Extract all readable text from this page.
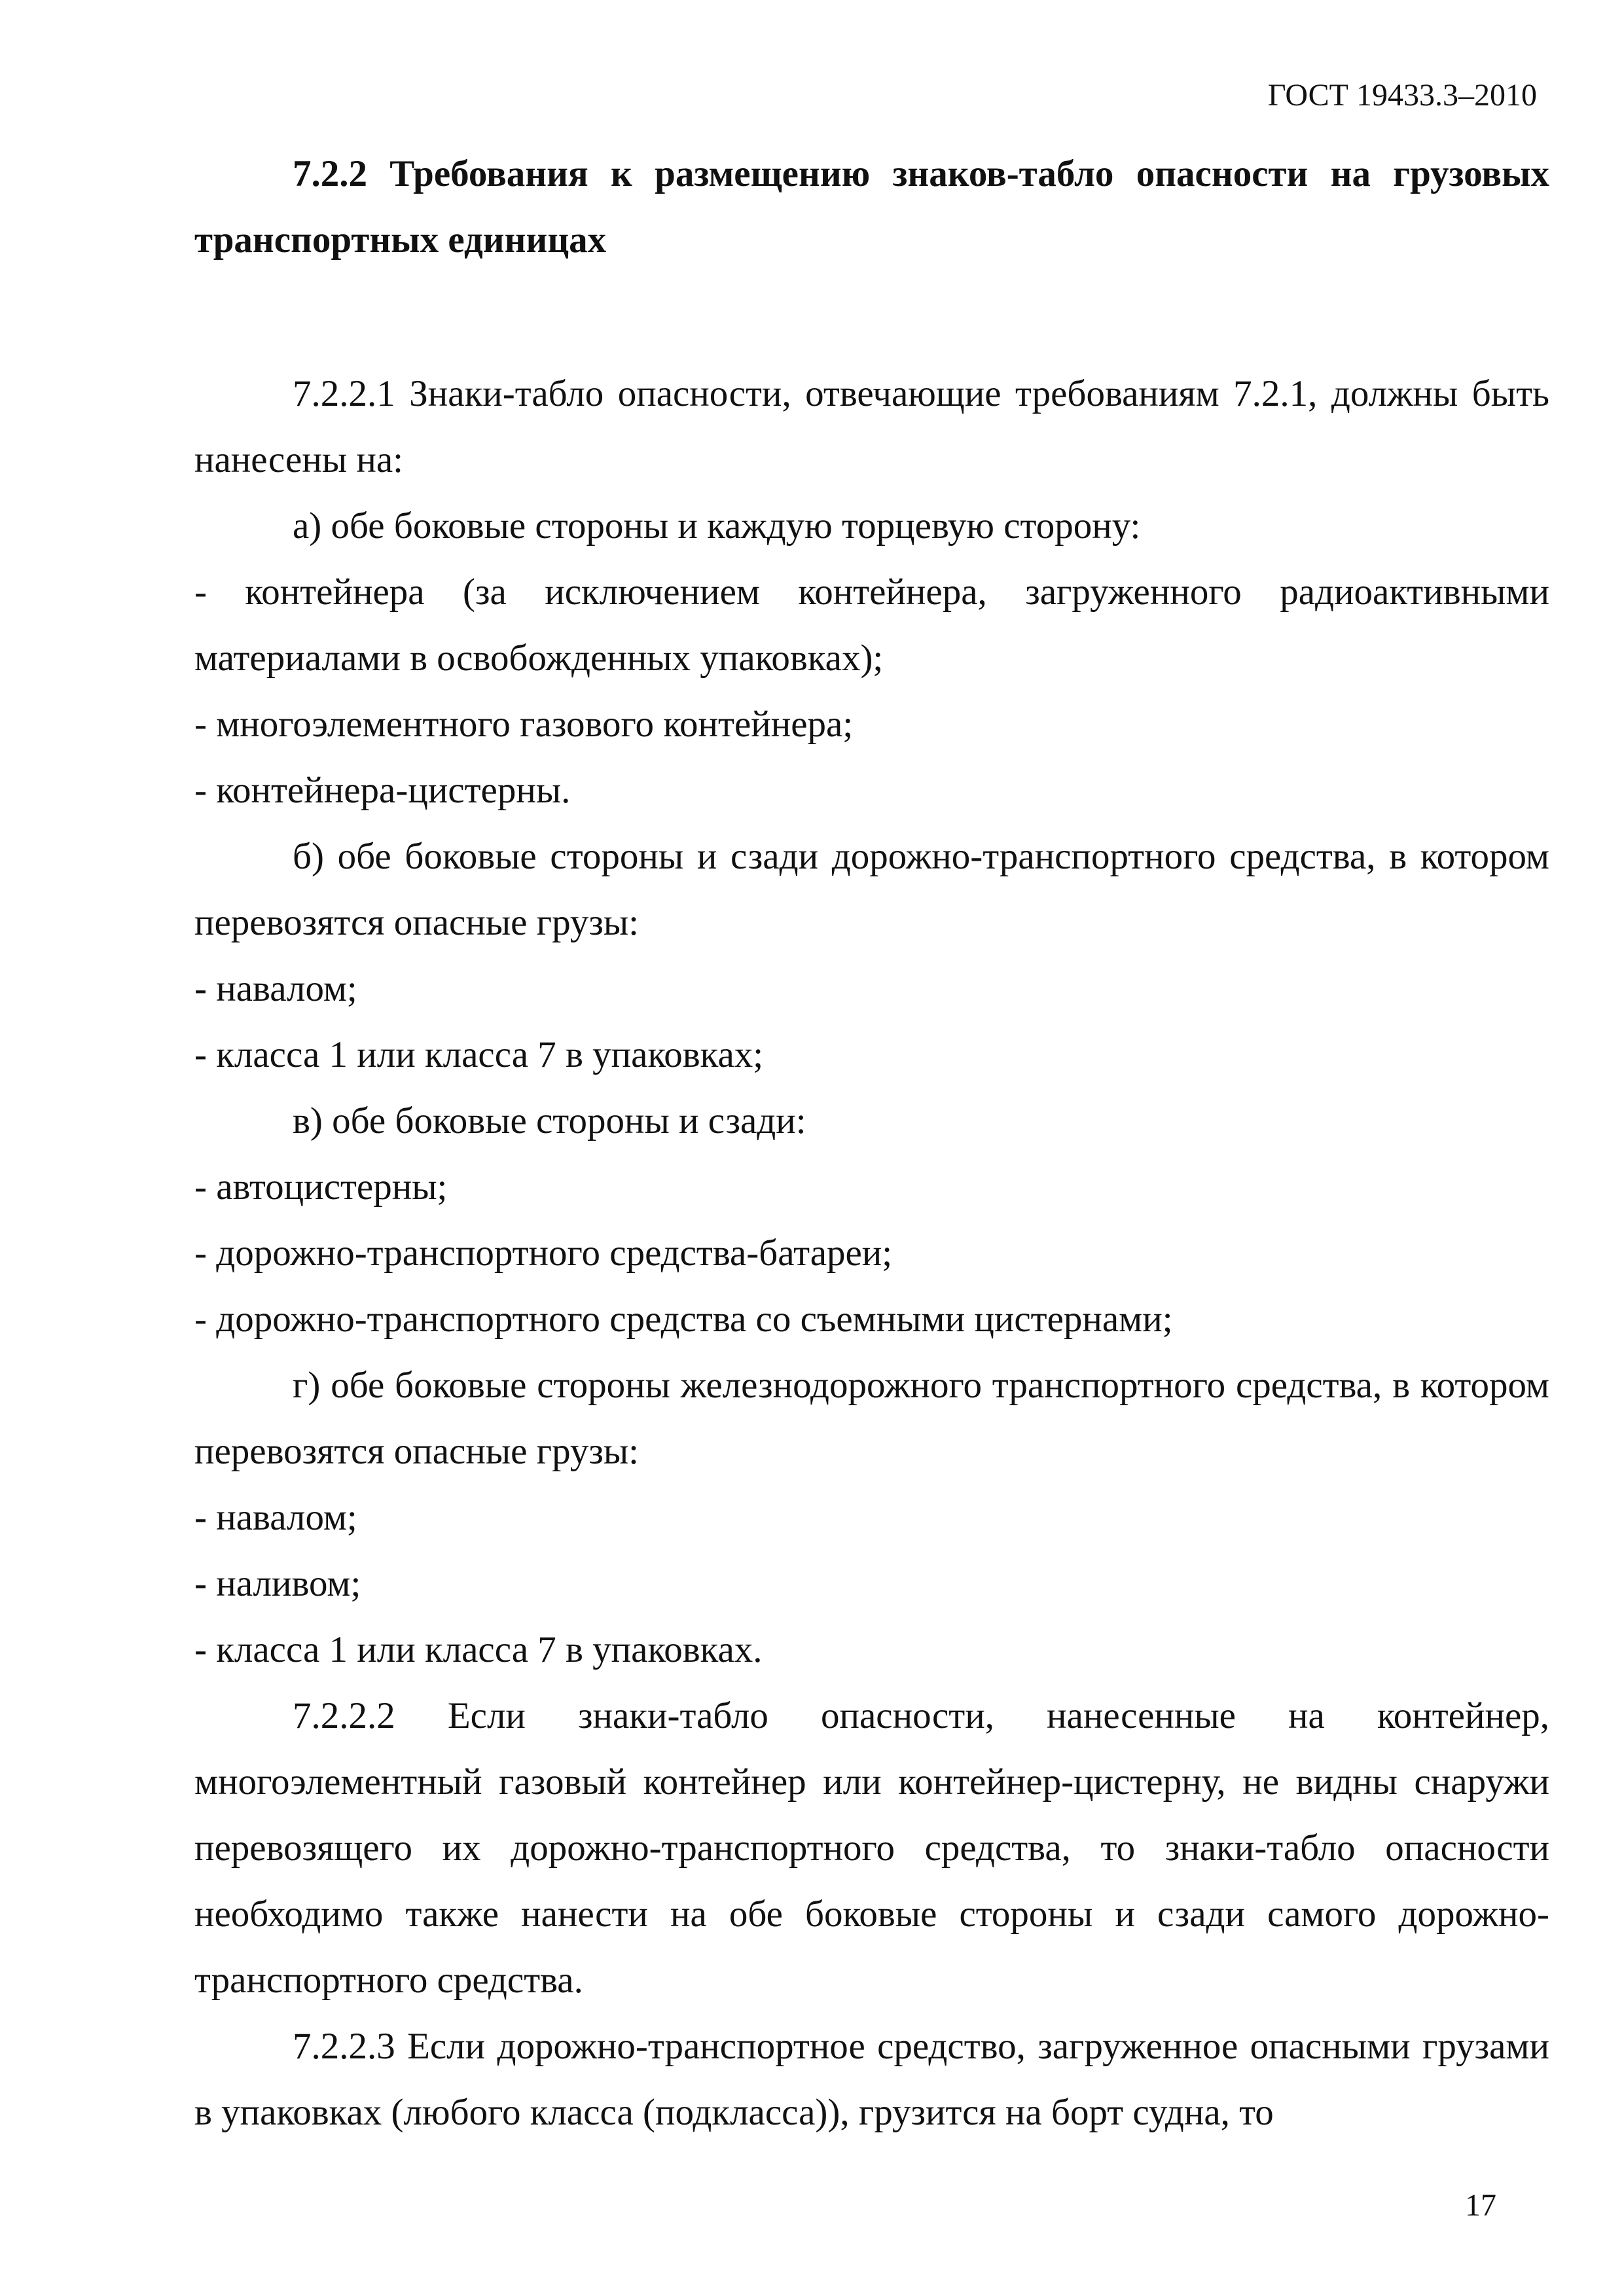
ГОСТ 19433.3–2010

7.2.2 Требования к размещению знаков-табло опасности на грузовых транспортных единицах

7.2.2.1 Знаки-табло опасности, отвечающие требованиям 7.2.1, должны быть нанесены на:

а) обе боковые стороны и каждую торцевую сторону:

- контейнера (за исключением контейнера, загруженного радиоактивными материалами в освобожденных упаковках);

- многоэлементного газового контейнера;

- контейнера-цистерны.

б) обе боковые стороны и сзади дорожно-транспортного средства, в котором перевозятся опасные грузы:

- навалом;

- класса 1 или класса 7 в упаковках;

в) обе боковые стороны и сзади:

- автоцистерны;

- дорожно-транспортного средства-батареи;

- дорожно-транспортного средства со съемными цистернами;

г) обе боковые стороны железнодорожного транспортного средства, в котором перевозятся опасные грузы:

- навалом;

- наливом;

- класса 1 или класса 7 в упаковках.

7.2.2.2 Если знаки-табло опасности, нанесенные на контейнер, многоэлементный газовый контейнер или контейнер-цистерну, не видны снаружи перевозящего их дорожно-транспортного средства, то знаки-табло опасности необходимо также нанести на обе боковые стороны и сзади самого дорожно-транспортного средства.

7.2.2.3 Если дорожно-транспортное средство, загруженное опасными грузами в упаковках (любого класса (подкласса)), грузится на борт судна, то

17
